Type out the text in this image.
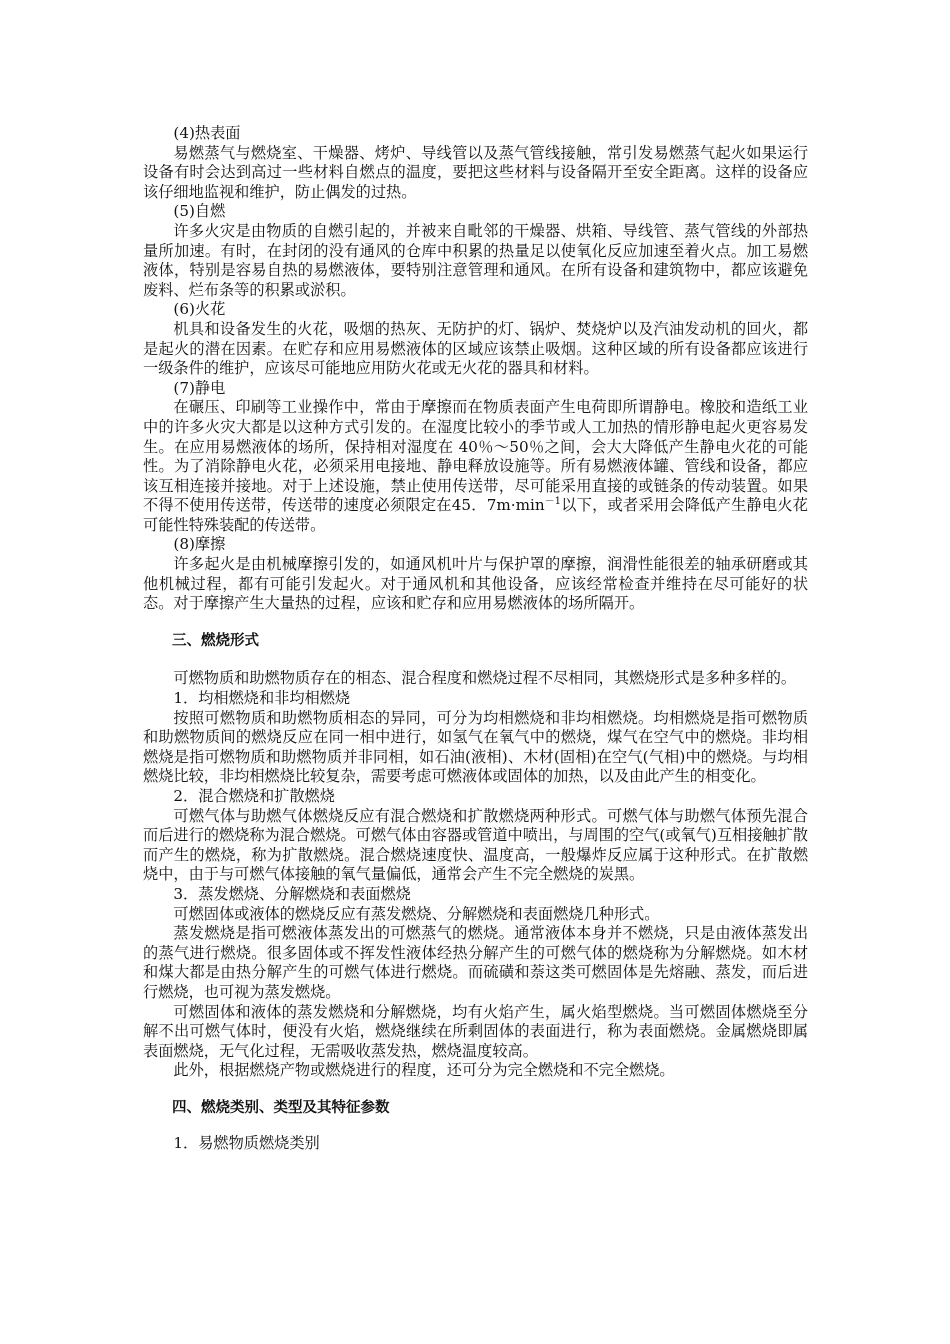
(4)热表面

易燃蒸气与燃烧室、干燥器、烤炉、导线管以及蒸气管线接触，常引发易燃蒸气起火如果运行设备有时会达到高过一些材料自燃点的温度，要把这些材料与设备隔开至安全距离。这样的设备应该仔细地监视和维护，防止偶发的过热。

(5)自燃

许多火灾是由物质的自燃引起的，并被来自毗邻的干燥器、烘箱、导线管、蒸气管线的外部热量所加速。有时，在封闭的没有通风的仓库中积累的热量足以使氧化反应加速至着火点。加工易燃液体，特别是容易自热的易燃液体，要特别注意管理和通风。在所有设备和建筑物中，都应该避免废料、烂布条等的积累或淤积。

(6)火花

机具和设备发生的火花，吸烟的热灰、无防护的灯、锅炉、焚烧炉以及汽油发动机的回火，都是起火的潜在因素。在贮存和应用易燃液体的区域应该禁止吸烟。这种区域的所有设备都应该进行一级条件的维护，应该尽可能地应用防火花或无火花的器具和材料。

(7)静电

在碾压、印刷等工业操作中，常由于摩擦而在物质表面产生电荷即所谓静电。橡胶和造纸工业中的许多火灾大都是以这种方式引发的。在湿度比较小的季节或人工加热的情形静电起火更容易发生。在应用易燃液体的场所，保持相对湿度在 40％～50％之间，会大大降低产生静电火花的可能性。为了消除静电火花，必须采用电接地、静电释放设施等。所有易燃液体罐、管线和设备，都应该互相连接并接地。对于上述设施，禁止使用传送带，尽可能采用直接的或链条的传动装置。如果不得不使用传送带，传送带的速度必须限定在45．$7m\cdot\min^{-1}$以下，或者采用会降低产生静电火花可能性特殊装配的传送带。

(8)摩擦

许多起火是由机械摩擦引发的，如通风机叶片与保护罩的摩擦，润滑性能很差的轴承研磨或其他机械过程，都有可能引发起火。对于通风机和其他设备，应该经常检查并维持在尽可能好的状态。对于摩擦产生大量热的过程，应该和贮存和应用易燃液体的场所隔开。

三、燃烧形式

可燃物质和助燃物质存在的相态、混合程度和燃烧过程不尽相同，其燃烧形式是多种多样的。

1．均相燃烧和非均相燃烧

按照可燃物质和助燃物质相态的异同，可分为均相燃烧和非均相燃烧。均相燃烧是指可燃物质和助燃物质间的燃烧反应在同一相中进行，如氢气在氧气中的燃烧，煤气在空气中的燃烧。非均相燃烧是指可燃物质和助燃物质并非同相，如石油(液相)、木材(固相)在空气(气相)中的燃烧。与均相燃烧比较，非均相燃烧比较复杂，需要考虑可燃液体或固体的加热，以及由此产生的相变化。

2．混合燃烧和扩散燃烧

可燃气体与助燃气体燃烧反应有混合燃烧和扩散燃烧两种形式。可燃气体与助燃气体预先混合而后进行的燃烧称为混合燃烧。可燃气体由容器或管道中喷出，与周围的空气(或氧气)互相接触扩散而产生的燃烧，称为扩散燃烧。混合燃烧速度快、温度高，一般爆炸反应属于这种形式。在扩散燃烧中，由于与可燃气体接触的氧气量偏低，通常会产生不完全燃烧的炭黑。

3．蒸发燃烧、分解燃烧和表面燃烧

可燃固体或液体的燃烧反应有蒸发燃烧、分解燃烧和表面燃烧几种形式。

蒸发燃烧是指可燃液体蒸发出的可燃蒸气的燃烧。通常液体本身并不燃烧，只是由液体蒸发出的蒸气进行燃烧。很多固体或不挥发性液体经热分解产生的可燃气体的燃烧称为分解燃烧。如木材和煤大都是由热分解产生的可燃气体进行燃烧。而硫磺和萘这类可燃固体是先熔融、蒸发，而后进行燃烧，也可视为蒸发燃烧。

可燃固体和液体的蒸发燃烧和分解燃烧，均有火焰产生，属火焰型燃烧。当可燃固体燃烧至分解不出可燃气体时，便没有火焰，燃烧继续在所剩固体的表面进行，称为表面燃烧。金属燃烧即属表面燃烧，无气化过程，无需吸收蒸发热，燃烧温度较高。

此外，根据燃烧产物或燃烧进行的程度，还可分为完全燃烧和不完全燃烧。

四、燃烧类别、类型及其特征参数

1．易燃物质燃烧类别
